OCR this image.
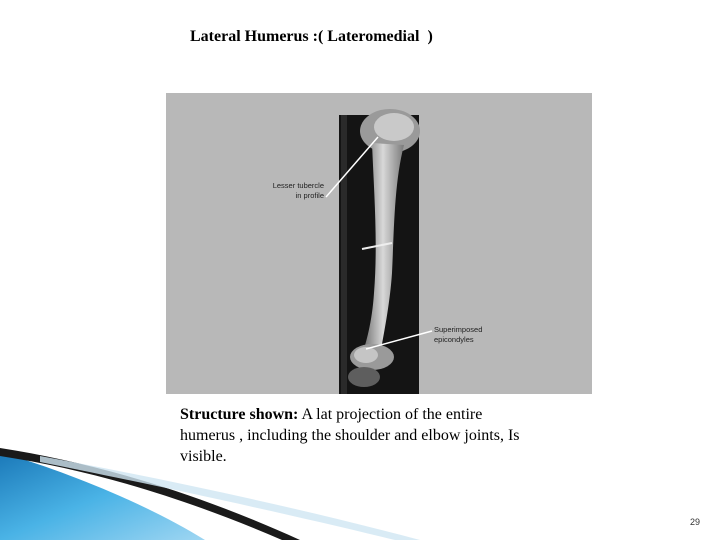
Lateral Humerus :( Lateromedial  )
Lesser tubercle
in profile
Superimposed
epicondyles
Structure shown: A lat projection of the entire humerus , including the shoulder and elbow joints, Is visible.
29
